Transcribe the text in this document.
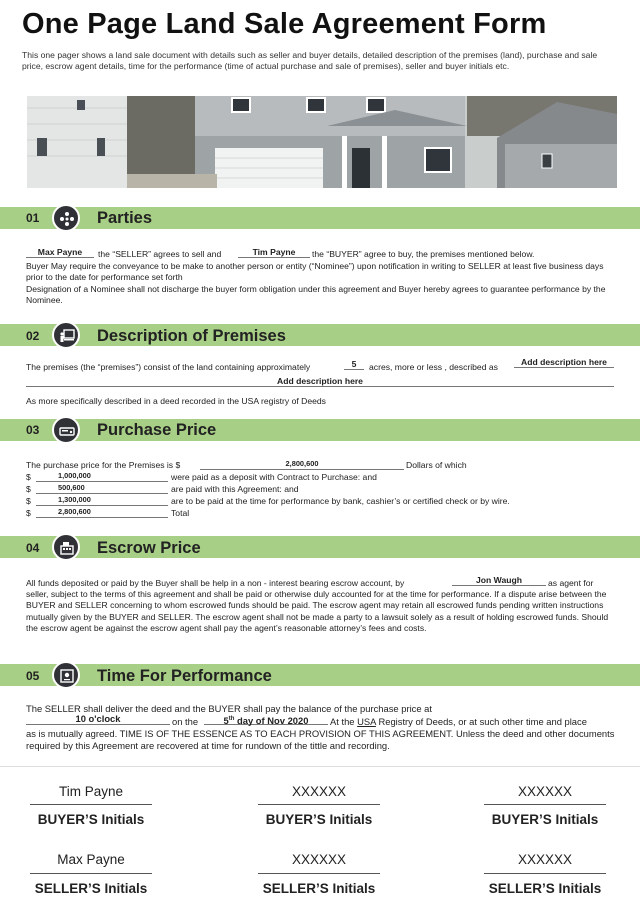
One Page Land Sale Agreement Form
This one pager shows a land sale document with details such as seller and buyer details, detailed description of the premises (land), purchase and sale price, escrow agent details, time for the performance (time of actual purchase and sale of premises), seller and buyer initials etc.
01	Parties
Max Payne	the “SELLER” agrees to sell and	Tim Payne	the “BUYER” agree to buy, the premises mentioned below.
Buyer May require the conveyance to be make to another person or entity (“Nominee”) upon notification in writing to SELLER at least five business days prior to the date for performance set forth
Designation of a Nominee shall not discharge the buyer form obligation under this agreement and Buyer hereby agrees to guarantee performance by the Nominee.
02	Description of Premises
The premises (the “premises”) consist of the land containing approximately	5	acres, more or less , described as	Add description here
Add description here
As more specifically described in a deed recorded in the USA registry of Deeds
03	Purchase Price
The purchase price for the Premises is $	2,800,600	Dollars of which
$	1,000,000	were paid as a deposit with Contract to Purchase: and
$	500,600	are paid with this Agreement: and
$	1,300,000	are to be paid at the time for performance by bank, cashier’s or certified check or by wire.
$	2,800,600	Total
04	Escrow Price
All funds deposited or paid by the Buyer shall be help in a non - interest bearing escrow account, by	Jon Waugh	as agent for
seller, subject to the terms of this agreement and shall be paid or otherwise duly accounted for at the time for performance. If a dispute arise between the BUYER and SELLER concerning to whom escrowed funds should be paid. The escrow agent may retain all escrowed funds pending written instructions mutually given by the BUYER and SELLER. The escrow agent shall not be made a party to a lawsuit solely as a result of holding escrowed funds. Should the escrow agent be against the escrow agent shall pay the agent’s reasonable attorney’s fees and costs.
05	Time For Performance
The SELLER shall deliver the deed and the BUYER shall pay the balance of the purchase price at
10 o'clock	on the	5th day of Nov 2020	At the USA Registry of Deeds, or at such other time and place
as is mutually agreed. TIME IS OF THE ESSENCE AS TO EACH PROVISION OF THIS AGREEMENT. Unless the deed and other documents required by this Agreement are recovered at time for rundown of the tittle and recording.
Tim Payne
BUYER’S Initials
XXXXXX
BUYER’S Initials
XXXXXX
BUYER’S Initials
Max Payne
SELLER’S Initials
XXXXXX
SELLER’S Initials
XXXXXX
SELLER’S Initials
